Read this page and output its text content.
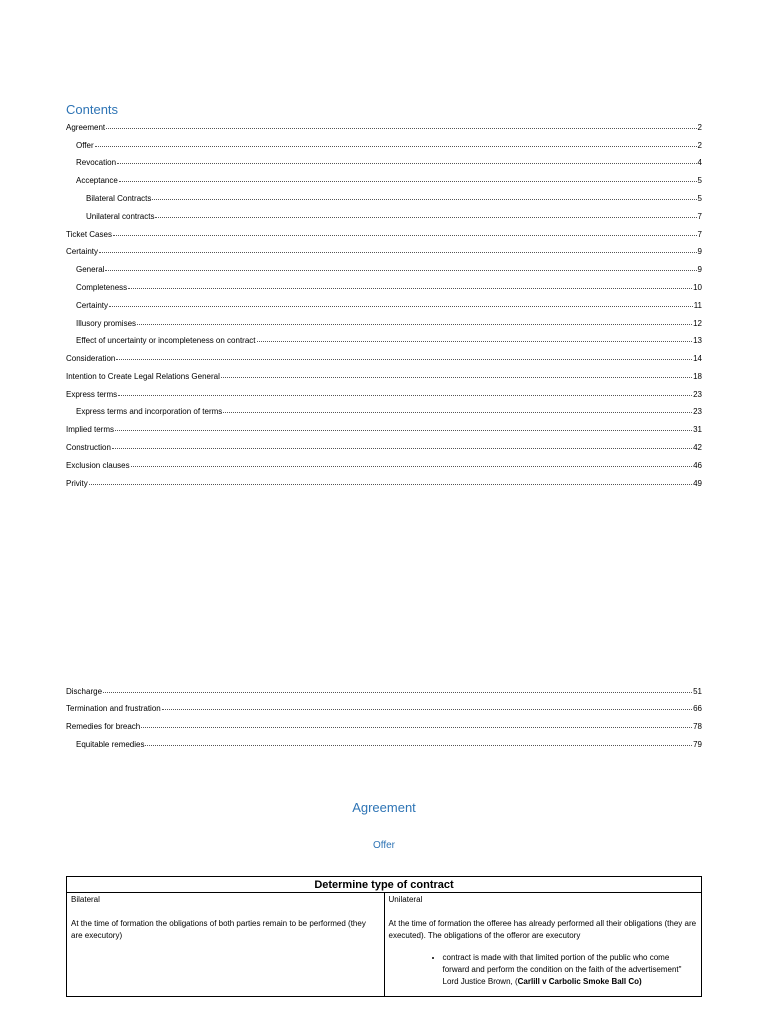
Contents
Agreement	2
Offer	2
Revocation	4
Acceptance	5
Bilateral Contracts	5
Unilateral contracts	7
Ticket Cases	7
Certainty	9
General	9
Completeness	10
Certainty	11
Illusory promises	12
Effect of uncertainty or incompleteness on contract	13
Consideration	14
Intention to Create Legal Relations General	18
Express terms	23
Express terms and incorporation of terms	23
Implied terms	31
Construction	42
Exclusion clauses	46
Privity	49
Discharge	51
Termination and frustration	66
Remedies for breach	78
Equitable remedies	79
Agreement
Offer
Determine type of contract

Bilateral

At the time of formation the obligations of both parties remain to be performed (they are executory)

Unilateral

At the time of formation the offeree has already performed all their obligations (they are executed). The obligations of the offeror are executory

• contract is made with that limited portion of the public who come forward and perform the condition on the faith of the advertisement" Lord Justice Brown, (Carlill v Carbolic Smoke Ball Co)
